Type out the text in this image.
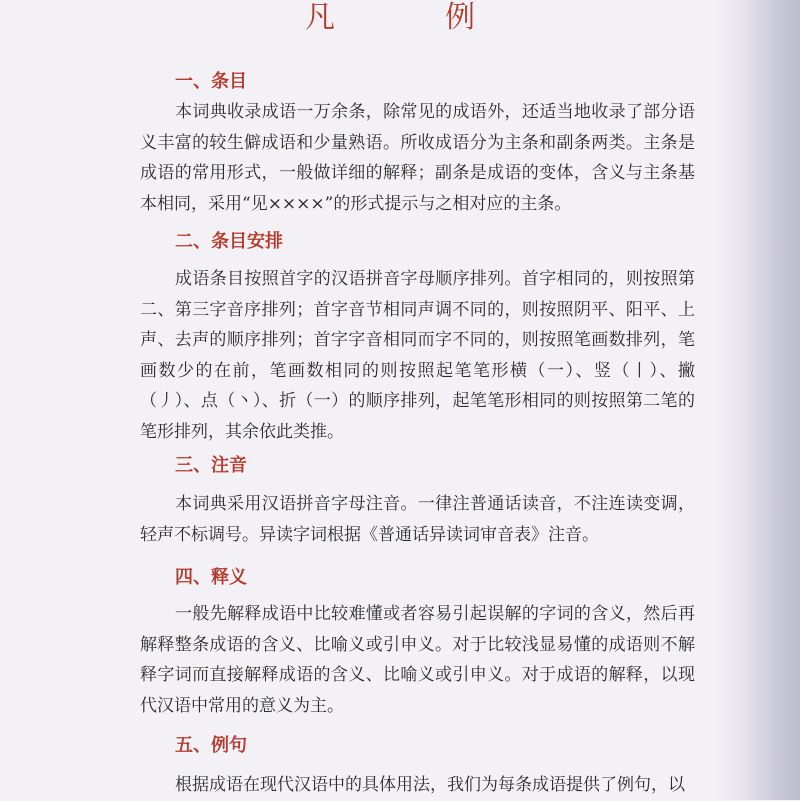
凡　例
一、条目

本词典收录成语一万余条，除常见的成语外，还适当地收录了部分语义丰富的较生僻成语和少量熟语。所收成语分为主条和副条两类。主条是成语的常用形式，一般做详细的解释；副条是成语的变体，含义与主条基本相同，采用“见××××”的形式提示与之相对应的主条。

二、条目安排

成语条目按照首字的汉语拼音字母顺序排列。首字相同的，则按照第二、第三字音序排列；首字音节相同声调不同的，则按照阴平、阳平、上声、去声的顺序排列；首字字音相同而字不同的，则按照笔画数排列，笔画数少的在前，笔画数相同的则按照起笔笔形横（一）、竖（丨）、撇（丿）、点（丶）、折（一）的顺序排列，起笔笔形相同的则按照第二笔的笔形排列，其余依此类推。

三、注音

本词典采用汉语拼音字母注音。一律注普通话读音，不注连读变调，轻声不标调号。异读字词根据《普通话异读词审音表》注音。

四、释义

一般先解释成语中比较难懂或者容易引起误解的字词的含义，然后再解释整条成语的含义、比喻义或引申义。对于比较浅显易懂的成语则不解释字词而直接解释成语的含义、比喻义或引申义。对于成语的解释，以现代汉语中常用的意义为主。

五、例句

根据成语在现代汉语中的具体用法，我们为每条成语提供了例句，以
